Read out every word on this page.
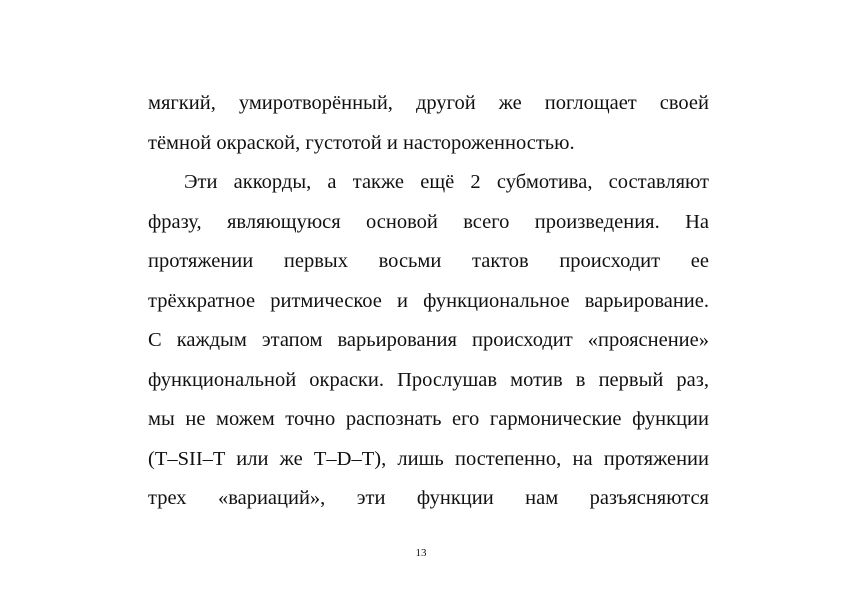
мягкий, умиротворённый, другой же поглощает своей
тёмной окраской, густотой и настороженностью.
Эти аккорды, а также ещё 2 субмотива, составляют
фразу, являющуюся основой всего произведения. На
протяжении первых восьми тактов происходит ее
трёхкратное ритмическое и функциональное варьирование.
С каждым этапом варьирования происходит «прояснение»
функциональной окраски. Прослушав мотив в первый раз,
мы не можем точно распознать его гармонические функции
(T–SII–T или же T–D–T), лишь постепенно, на протяжении
трех «вариаций», эти функции нам разъясняются
13
